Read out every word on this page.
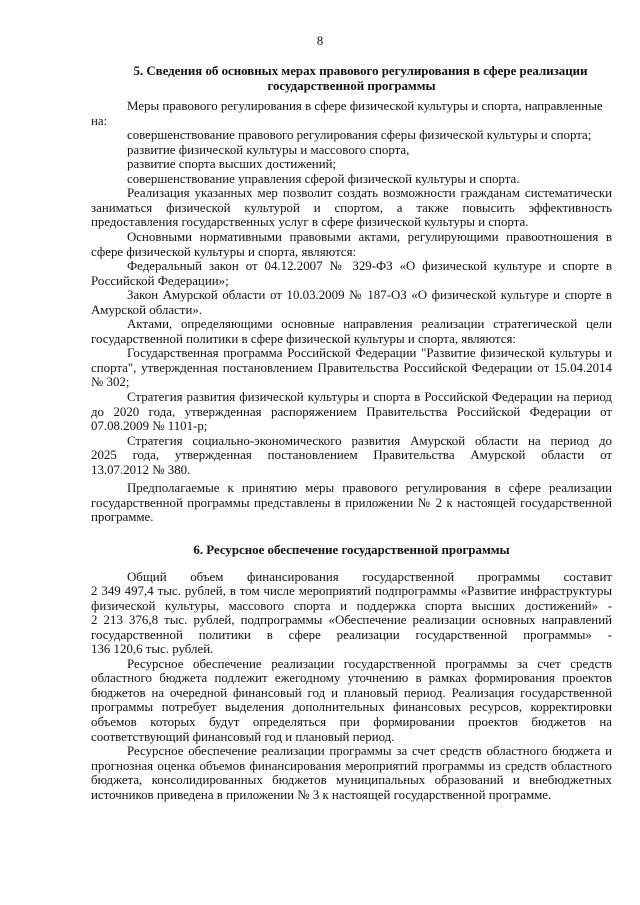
8

5. Сведения об основных мерах правового регулирования в сфере реализации

государственной программы

Меры правового регулирования в сфере физической культуры и спорта, направленные

на:

совершенствование правового регулирования сферы физической культуры и спорта;

развитие физической культуры и массового спорта,

развитие спорта высших достижений;

совершенствование управления сферой физической культуры и спорта.

Реализация указанных мер позволит создать возможности гражданам систематически заниматься физической культурой и спортом, а также повысить эффективность предоставления государственных услуг в сфере физической культуры и спорта.

Основными нормативными правовыми актами, регулирующими правоотношения в сфере физической культуры и спорта, являются:

Федеральный закон от 04.12.2007 № 329-ФЗ «О физической культуре и спорте в Российской Федерации»;

Закон Амурской области от 10.03.2009 № 187-ОЗ «О физической культуре и спорте в Амурской области».

Актами, определяющими основные направления реализации стратегической цели государственной политики в сфере физической культуры и спорта, являются:

Государственная программа Российской Федерации "Развитие физической культуры и спорта", утвержденная постановлением Правительства Российской Федерации от 15.04.2014 № 302;

Стратегия развития физической культуры и спорта в Российской Федерации на период до 2020 года, утвержденная распоряжением Правительства Российской Федерации от 07.08.2009 № 1101-р;

Стратегия социально-экономического развития Амурской области на период до

2025 года, утвержденная постановлением Правительства Амурской области от

13.07.2012 № 380.

Предполагаемые к принятию меры правового регулирования в сфере реализации государственной программы представлены в приложении № 2 к настоящей государственной программе.

6. Ресурсное обеспечение государственной программы

Общий объем финансирования государственной программы составит

2 349 497,4 тыс. рублей, в том числе мероприятий подпрограммы «Развитие инфраструктуры

физической культуры, массового спорта и поддержка спорта высших достижений» -

2 213 376,8 тыс. рублей, подпрограммы «Обеспечение реализации основных направлений

государственной политики в сфере реализации государственной программы» -

136 120,6 тыс. рублей.

Ресурсное обеспечение реализации государственной программы за счет средств областного бюджета подлежит ежегодному уточнению в рамках формирования проектов бюджетов на очередной финансовый год и плановый период. Реализация государственной программы потребует выделения дополнительных финансовых ресурсов, корректировки объемов которых будут определяться при формировании проектов бюджетов на соответствующий финансовый год и плановый период.

Ресурсное обеспечение реализации программы за счет средств областного бюджета и прогнозная оценка объемов финансирования мероприятий программы из средств областного бюджета, консолидированных бюджетов муниципальных образований и внебюджетных источников приведена в приложении № 3 к настоящей государственной программе.
